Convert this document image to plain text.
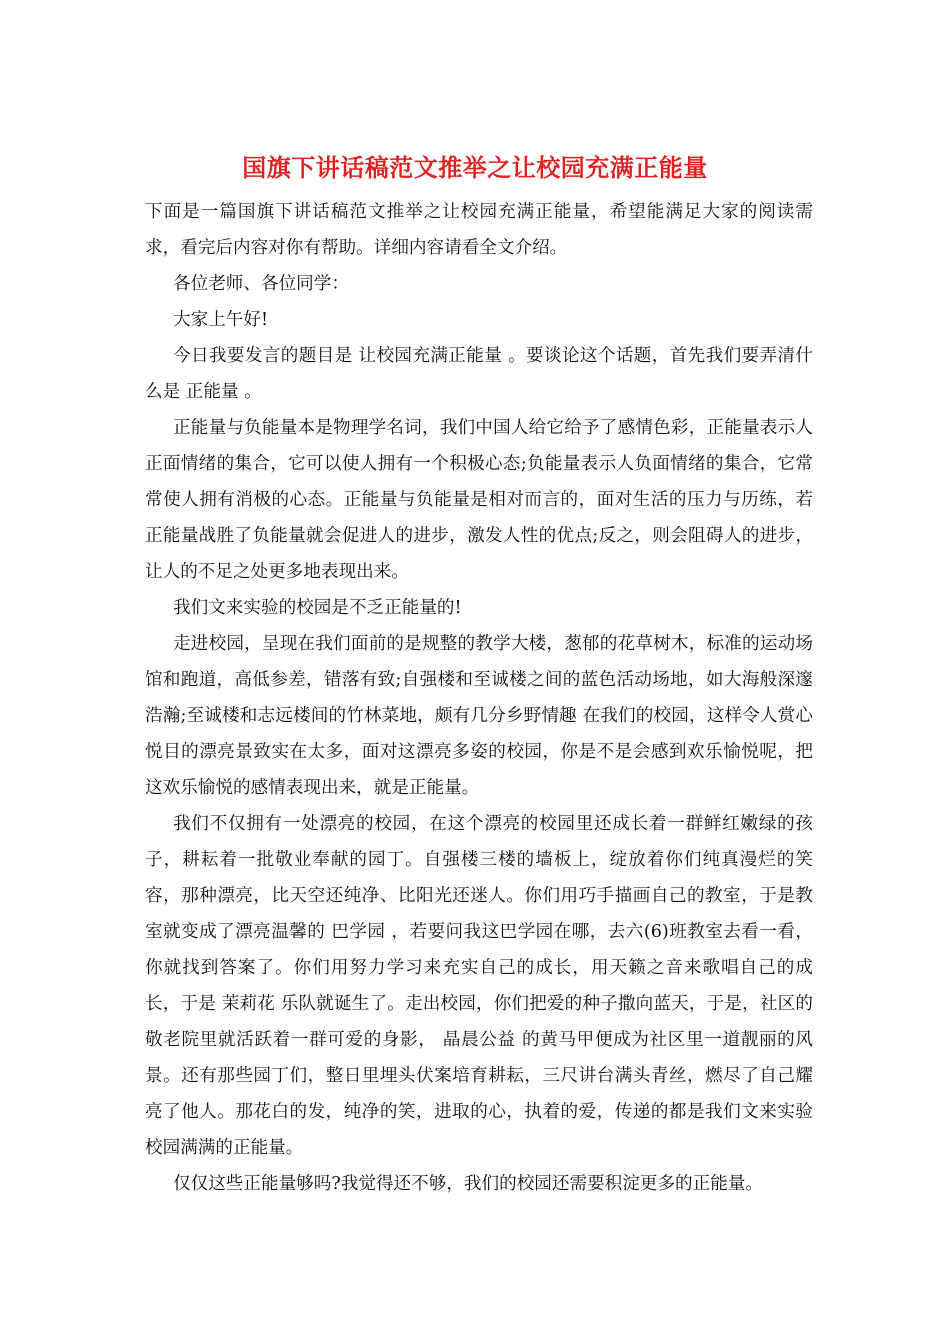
国旗下讲话稿范文推举之让校园充满正能量

下面是一篇国旗下讲话稿范文推举之让校园充满正能量，希望能满足大家的阅读需求，看完后内容对你有帮助。详细内容请看全文介绍。

各位老师、各位同学：

大家上午好!

今日我要发言的题目是 让校园充满正能量 。要谈论这个话题，首先我们要弄清什么是 正能量 。

正能量与负能量本是物理学名词，我们中国人给它给予了感情色彩，正能量表示人正面情绪的集合，它可以使人拥有一个积极心态;负能量表示人负面情绪的集合，它常常使人拥有消极的心态。正能量与负能量是相对而言的，面对生活的压力与历练，若正能量战胜了负能量就会促进人的进步，激发人性的优点;反之，则会阻碍人的进步，让人的不足之处更多地表现出来。

我们文来实验的校园是不乏正能量的!

走进校园，呈现在我们面前的是规整的教学大楼，葱郁的花草树木，标准的运动场馆和跑道，高低参差，错落有致;自强楼和至诚楼之间的蓝色活动场地，如大海般深邃浩瀚;至诚楼和志远楼间的竹林菜地，颇有几分乡野情趣 在我们的校园，这样令人赏心悦目的漂亮景致实在太多，面对这漂亮多姿的校园，你是不是会感到欢乐愉悦呢，把这欢乐愉悦的感情表现出来，就是正能量。

我们不仅拥有一处漂亮的校园，在这个漂亮的校园里还成长着一群鲜红嫩绿的孩子，耕耘着一批敬业奉献的园丁。自强楼三楼的墙板上，绽放着你们纯真漫烂的笑容，那种漂亮，比天空还纯净、比阳光还迷人。你们用巧手描画自己的教室，于是教室就变成了漂亮温馨的 巴学园 ，若要问我这巴学园在哪，去六(6)班教室去看一看，你就找到答案了。你们用努力学习来充实自己的成长，用天籁之音来歌唱自己的成长，于是 茉莉花 乐队就诞生了。走出校园，你们把爱的种子撒向蓝天，于是，社区的敬老院里就活跃着一群可爱的身影， 晶晨公益 的黄马甲便成为社区里一道靓丽的风景。还有那些园丁们，整日里埋头伏案培育耕耘，三尺讲台满头青丝，燃尽了自己耀亮了他人。那花白的发，纯净的笑，进取的心，执着的爱，传递的都是我们文来实验校园满满的正能量。

仅仅这些正能量够吗?我觉得还不够，我们的校园还需要积淀更多的正能量。
